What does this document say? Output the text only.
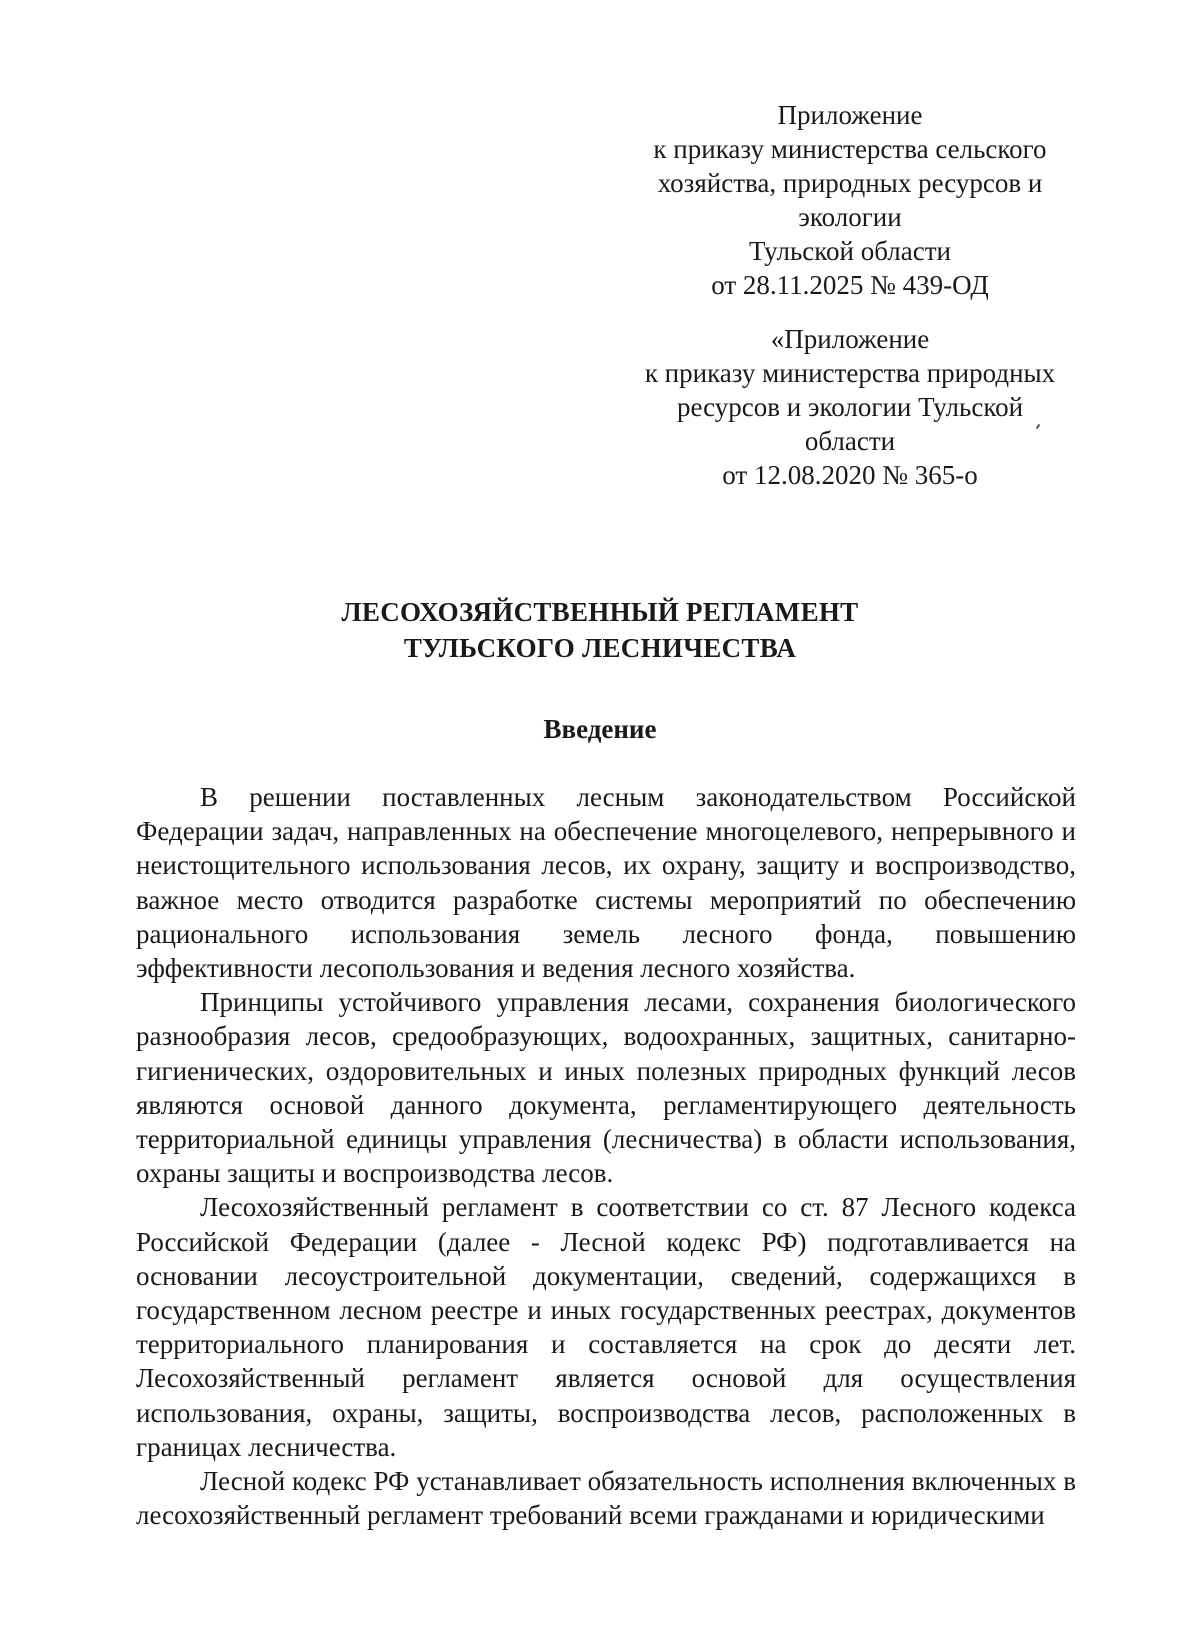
Приложение
к приказу министерства сельского
хозяйства, природных ресурсов и
экологии
Тульской области
от 28.11.2025 № 439-ОД
«Приложение
к приказу министерства природных
ресурсов и экологии Тульской
области
от 12.08.2020 № 365-о
ЛЕСОХОЗЯЙСТВЕННЫЙ РЕГЛАМЕНТ
ТУЛЬСКОГО ЛЕСНИЧЕСТВА
Введение

В решении поставленных лесным законодательством Российской Федерации задач, направленных на обеспечение многоцелевого, непрерывного и неистощительного использования лесов, их охрану, защиту и воспроизводство, важное место отводится разработке системы мероприятий по обеспечению рационального использования земель лесного фонда, повышению эффективности лесопользования и ведения лесного хозяйства.

Принципы устойчивого управления лесами, сохранения биологического разнообразия лесов, средообразующих, водоохранных, защитных, санитарно-гигиенических, оздоровительных и иных полезных природных функций лесов являются основой данного документа, регламентирующего деятельность территориальной единицы управления (лесничества) в области использования, охраны защиты и воспроизводства лесов.

Лесохозяйственный регламент в соответствии со ст. 87 Лесного кодекса Российской Федерации (далее - Лесной кодекс РФ) подготавливается на основании лесоустроительной документации, сведений, содержащихся в государственном лесном реестре и иных государственных реестрах, документов территориального планирования и составляется на срок до десяти лет. Лесохозяйственный регламент является основой для осуществления использования, охраны, защиты, воспроизводства лесов, расположенных в границах лесничества.

Лесной кодекс РФ устанавливает обязательность исполнения включенных в лесохозяйственный регламент требований всеми гражданами и юридическими
